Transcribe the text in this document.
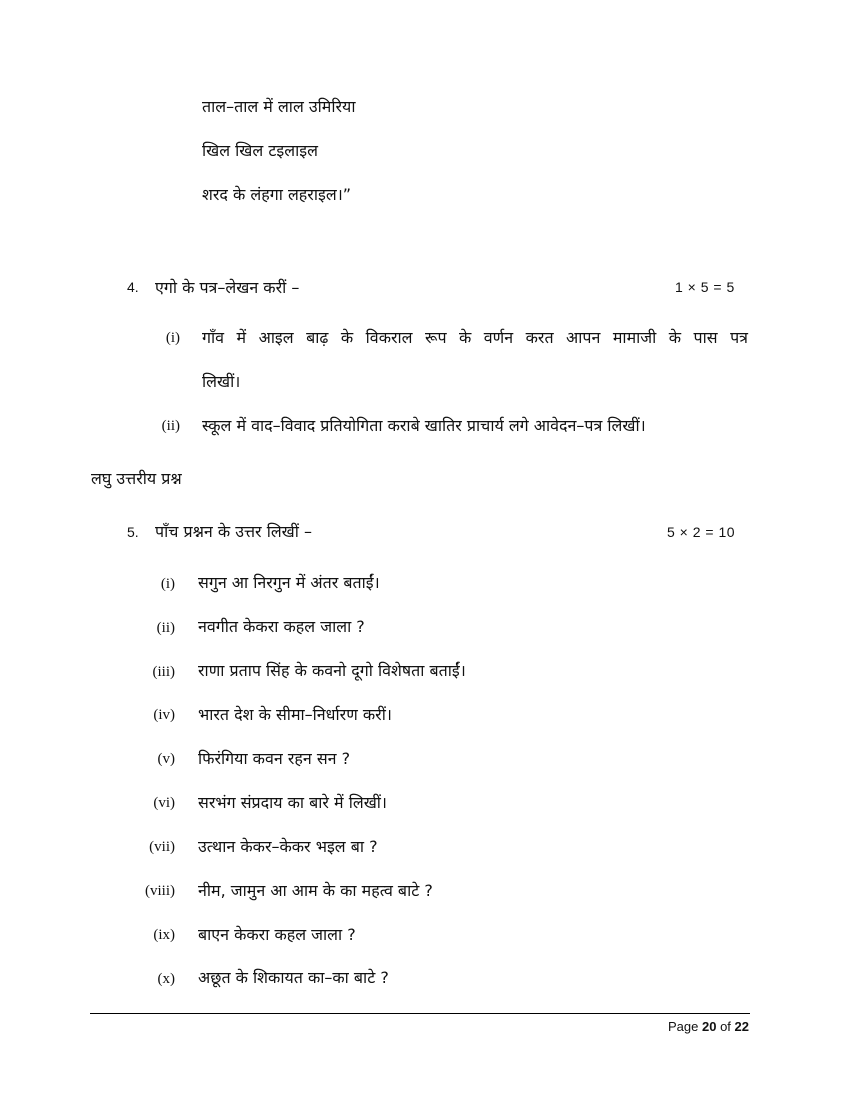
ताल–ताल में लाल उमिरिया
खिल खिल टइलाइल
शरद के लंहगा लहराइल।”
4. एगो के पत्र–लेखन करीं –	1 × 5 = 5
(i) गाँव में आइल बाढ़ के विकराल रूप के वर्णन करत आपन मामाजी के पास पत्र
लिखीं।
(ii) स्कूल में वाद–विवाद प्रतियोगिता कराबे खातिर प्राचार्य लगे आवेदन–पत्र लिखीं।
लघु उत्तरीय प्रश्न
5. पाँच प्रश्नन के उत्तर लिखीं –	5 × 2 = 10
(i) सगुन आ निरगुन में अंतर बताईं।
(ii) नवगीत केकरा कहल जाला ?
(iii) राणा प्रताप सिंह के कवनो दूगो विशेषता बताईं।
(iv) भारत देश के सीमा–निर्धारण करीं।
(v) फिरंगिया कवन रहन सन ?
(vi) सरभंग संप्रदाय का बारे में लिखीं।
(vii) उत्थान केकर–केकर भइल बा ?
(viii) नीम, जामुन आ आम के का महत्व बाटे ?
(ix) बाएन केकरा कहल जाला ?
(x) अछूत के शिकायत का–का बाटे ?
Page 20 of 22
